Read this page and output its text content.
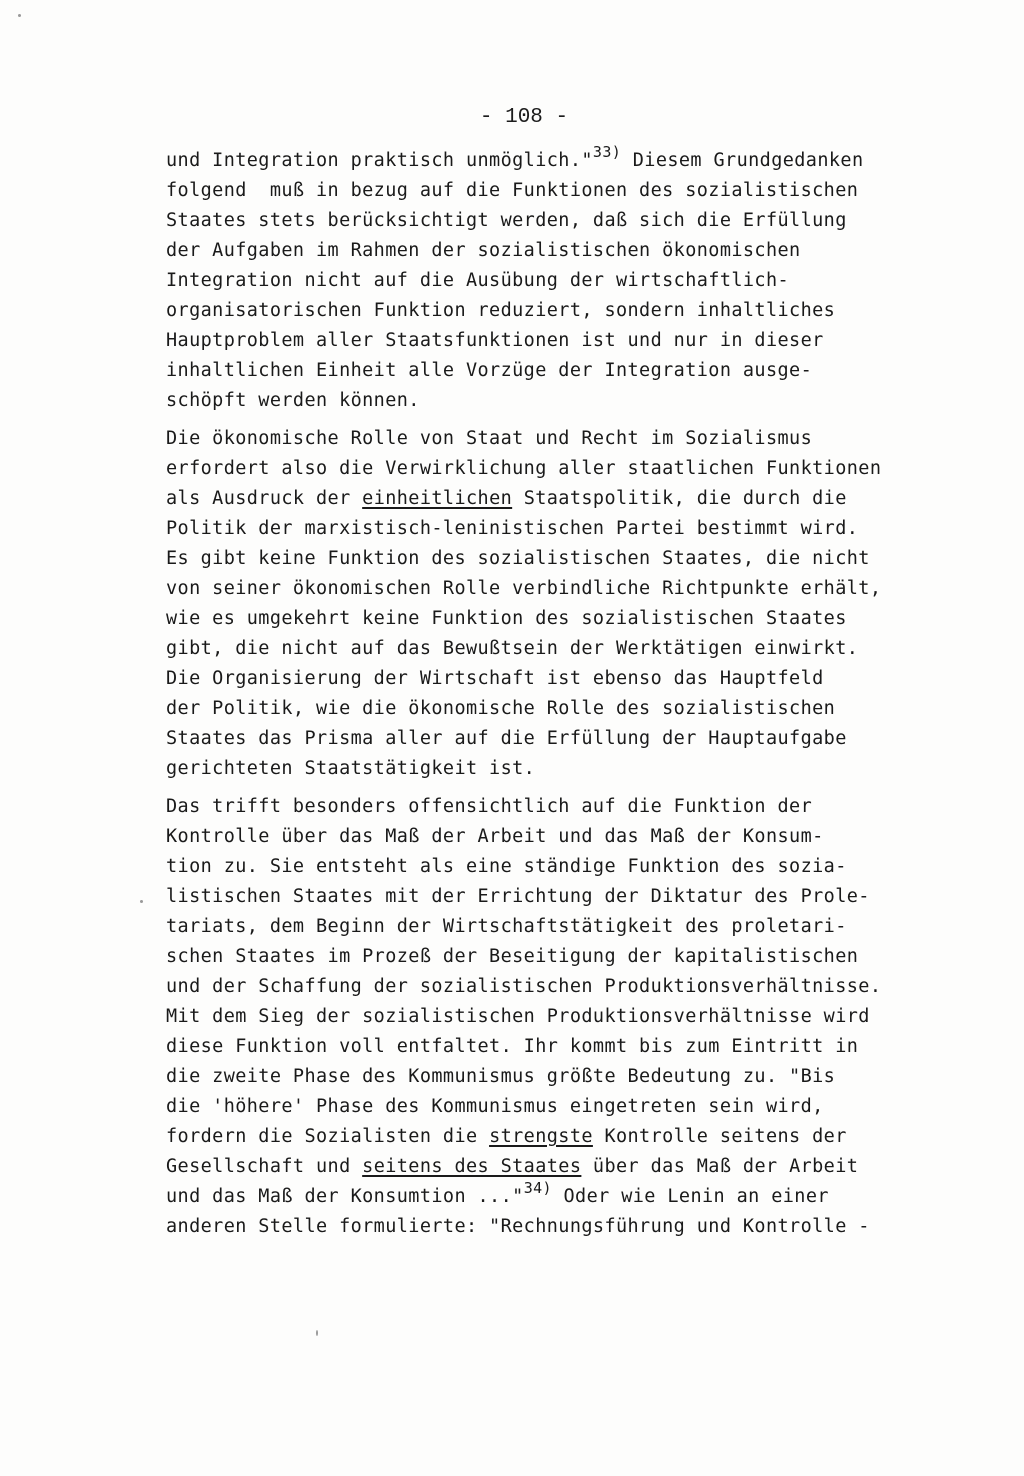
- 108 -
und Integration praktisch unmöglich."$^{33)}$ Diesem Grundgedanken
folgend  muß in bezug auf die Funktionen des sozialistischen
Staates stets berücksichtigt werden, daß sich die Erfüllung
der Aufgaben im Rahmen der sozialistischen ökonomischen
Integration nicht auf die Ausübung der wirtschaftlich-
organisatorischen Funktion reduziert, sondern inhaltliches
Hauptproblem aller Staatsfunktionen ist und nur in dieser
inhaltlichen Einheit alle Vorzüge der Integration ausge-
schöpft werden können.
Die ökonomische Rolle von Staat und Recht im Sozialismus
erfordert also die Verwirklichung aller staatlichen Funktionen
als Ausdruck der einheitlichen Staatspolitik, die durch die
Politik der marxistisch-leninistischen Partei bestimmt wird.
Es gibt keine Funktion des sozialistischen Staates, die nicht
von seiner ökonomischen Rolle verbindliche Richtpunkte erhält,
wie es umgekehrt keine Funktion des sozialistischen Staates
gibt, die nicht auf das Bewußtsein der Werktätigen einwirkt.
Die Organisierung der Wirtschaft ist ebenso das Hauptfeld
der Politik, wie die ökonomische Rolle des sozialistischen
Staates das Prisma aller auf die Erfüllung der Hauptaufgabe
gerichteten Staatstätigkeit ist.
Das trifft besonders offensichtlich auf die Funktion der
Kontrolle über das Maß der Arbeit und das Maß der Konsum-
tion zu. Sie entsteht als eine ständige Funktion des sozia-
listischen Staates mit der Errichtung der Diktatur des Prole-
tariats, dem Beginn der Wirtschaftstätigkeit des proletari-
schen Staates im Prozeß der Beseitigung der kapitalistischen
und der Schaffung der sozialistischen Produktionsverhältnisse.
Mit dem Sieg der sozialistischen Produktionsverhältnisse wird
diese Funktion voll entfaltet. Ihr kommt bis zum Eintritt in
die zweite Phase des Kommunismus größte Bedeutung zu. "Bis
die 'höhere' Phase des Kommunismus eingetreten sein wird,
fordern die Sozialisten die strengste Kontrolle seitens der
Gesellschaft und seitens des Staates über das Maß der Arbeit
und das Maß der Konsumtion ..."$^{34)}$ Oder wie Lenin an einer
anderen Stelle formulierte: "Rechnungsführung und Kontrolle -
